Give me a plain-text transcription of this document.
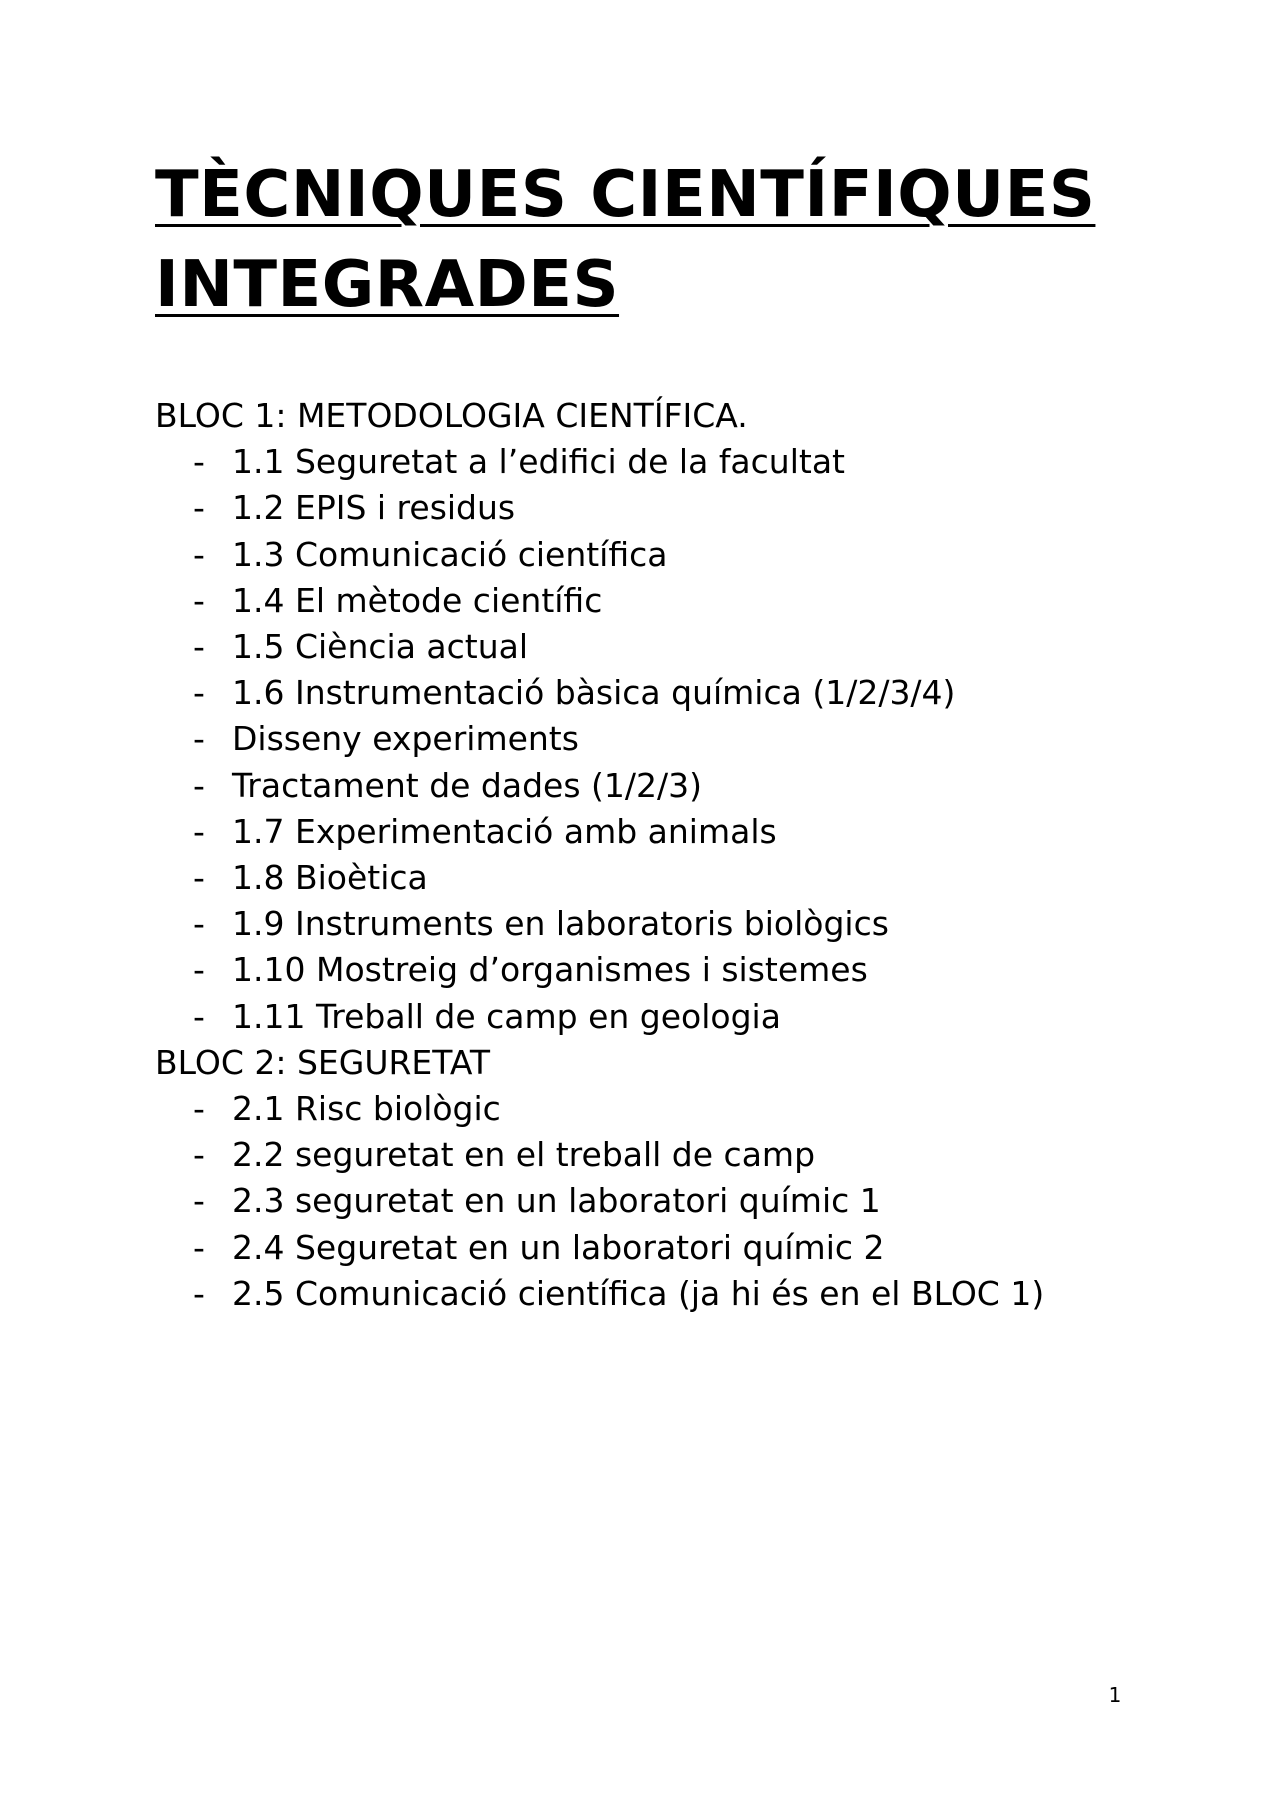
TÈCNIQUES CIENTÍFIQUES
INTEGRADES
BLOC 1: METODOLOGIA CIENTÍFICA.
- 1.1 Seguretat a l’edifici de la facultat
- 1.2 EPIS i residus
- 1.3 Comunicació científica
- 1.4 El mètode científic
- 1.5 Ciència actual
- 1.6 Instrumentació bàsica química (1/2/3/4)
- Disseny experiments
- Tractament de dades (1/2/3)
- 1.7 Experimentació amb animals
- 1.8 Bioètica
- 1.9 Instruments en laboratoris biològics
- 1.10 Mostreig d’organismes i sistemes
- 1.11 Treball de camp en geologia
BLOC 2: SEGURETAT
- 2.1 Risc biològic
- 2.2 seguretat en el treball de camp
- 2.3 seguretat en un laboratori químic 1
- 2.4 Seguretat en un laboratori químic 2
- 2.5 Comunicació científica (ja hi és en el BLOC 1)
1
